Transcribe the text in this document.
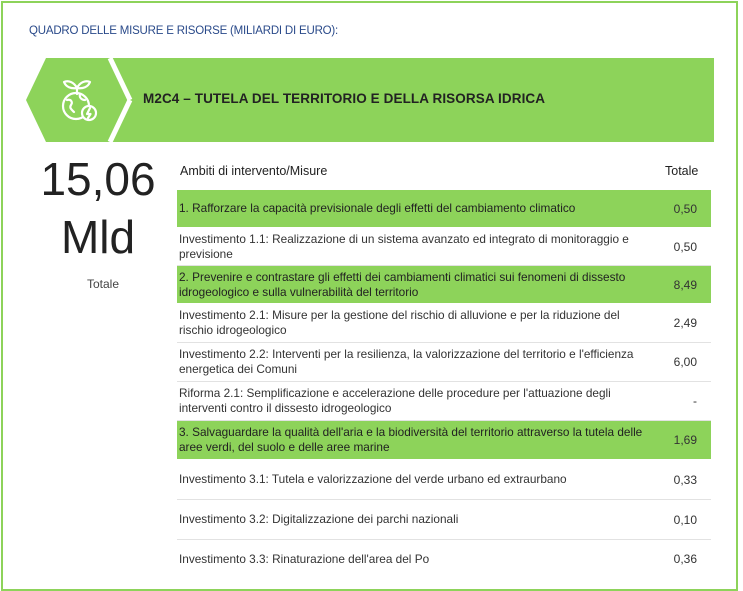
QUADRO DELLE MISURE E RISORSE (MILIARDI DI EURO):
M2C4 – TUTELA DEL TERRITORIO E DELLA RISORSA IDRICA
15,06
Mld
Totale
Ambiti di intervento/Misure	Totale
1. Rafforzare la capacità previsionale degli effetti del cambiamento climatico	0,50
Investimento 1.1: Realizzazione di un sistema avanzato ed integrato di monitoraggio e previsione	0,50
2. Prevenire e contrastare gli effetti dei cambiamenti climatici sui fenomeni di dissesto idrogeologico e sulla vulnerabilità del territorio	8,49
Investimento 2.1: Misure per la gestione del rischio di alluvione e per la riduzione del rischio idrogeologico	2,49
Investimento 2.2: Interventi per la resilienza, la valorizzazione del territorio e l'efficienza energetica dei Comuni	6,00
Riforma 2.1: Semplificazione e accelerazione delle procedure per l'attuazione degli interventi contro il dissesto idrogeologico	-
3. Salvaguardare la qualità dell'aria e la biodiversità del territorio attraverso la tutela delle aree verdi, del suolo e delle aree marine	1,69
Investimento 3.1: Tutela e valorizzazione del verde urbano ed extraurbano	0,33
Investimento 3.2: Digitalizzazione dei parchi nazionali	0,10
Investimento 3.3: Rinaturazione dell'area del Po	0,36
